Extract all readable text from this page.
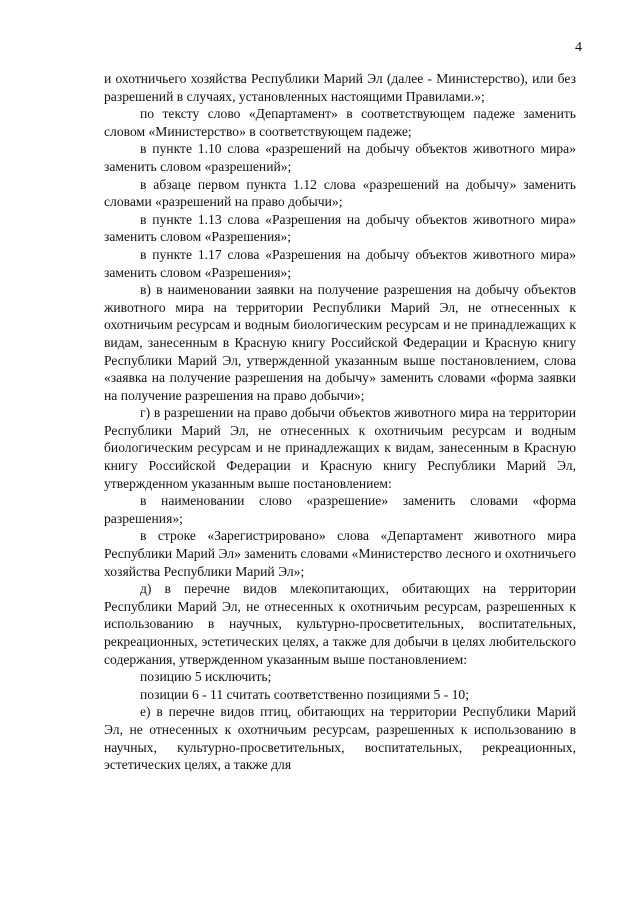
4

и охотничьего хозяйства Республики Марий Эл (далее - Министерство), или без разрешений в случаях, установленных настоящими Правилами.»;

по тексту слово «Департамент» в соответствующем падеже заменить словом «Министерство» в соответствующем падеже;

в пункте 1.10 слова «разрешений на добычу объектов животного мира» заменить словом «разрешений»;

в абзаце первом пункта 1.12 слова «разрешений на добычу» заменить словами «разрешений на право добычи»;

в пункте 1.13 слова «Разрешения на добычу объектов животного мира» заменить словом «Разрешения»;

в пункте 1.17 слова «Разрешения на добычу объектов животного мира» заменить словом «Разрешения»;

в) в наименовании заявки на получение разрешения на добычу объектов животного мира на территории Республики Марий Эл, не отнесенных к охотничьим ресурсам и водным биологическим ресурсам и не принадлежащих к видам, занесенным в Красную книгу Российской Федерации и Красную книгу Республики Марий Эл, утвержденной указанным выше постановлением, слова «заявка на получение разрешения на добычу» заменить словами «форма заявки на получение разрешения на право добычи»;

г) в разрешении на право добычи объектов животного мира на территории Республики Марий Эл, не отнесенных к охотничьим ресурсам и водным биологическим ресурсам и не принадлежащих к видам, занесенным в Красную книгу Российской Федерации и Красную книгу Республики Марий Эл, утвержденном указанным выше постановлением:

в наименовании слово «разрешение» заменить словами «форма разрешения»;

в строке «Зарегистрировано» слова «Департамент животного мира Республики Марий Эл» заменить словами «Министерство лесного и охотничьего хозяйства Республики Марий Эл»;

д) в перечне видов млекопитающих, обитающих на территории Республики Марий Эл, не отнесенных к охотничьим ресурсам, разрешенных к использованию в научных, культурно-просветительных, воспитательных, рекреационных, эстетических целях, а также для добычи в целях любительского содержания, утвержденном указанным выше постановлением:

позицию 5 исключить;

позиции 6 - 11 считать соответственно позициями 5 - 10;

е) в перечне видов птиц, обитающих на территории Республики Марий Эл, не отнесенных к охотничьим ресурсам, разрешенных к использованию в научных, культурно-просветительных, воспитательных, рекреационных, эстетических целях, а также для
